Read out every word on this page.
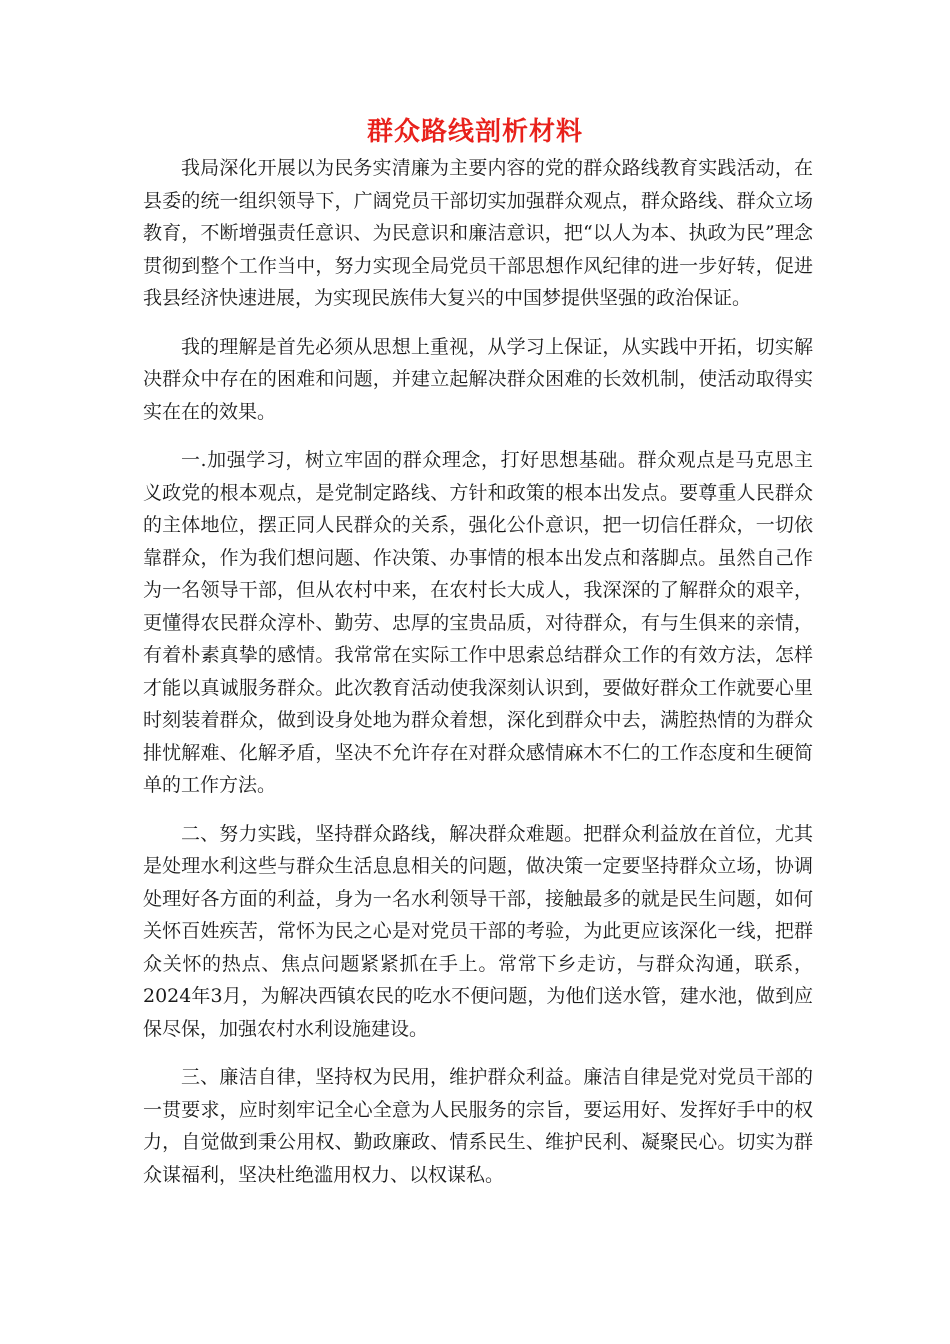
群众路线剖析材料

我局深化开展以为民务实清廉为主要内容的党的群众路线教育实践活动，在县委的统一组织领导下，广阔党员干部切实加强群众观点，群众路线、群众立场教育，不断增强责任意识、为民意识和廉洁意识，把“以人为本、执政为民”理念贯彻到整个工作当中，努力实现全局党员干部思想作风纪律的进一步好转，促进我县经济快速进展，为实现民族伟大复兴的中国梦提供坚强的政治保证。

我的理解是首先必须从思想上重视，从学习上保证，从实践中开拓，切实解决群众中存在的困难和问题，并建立起解决群众困难的长效机制，使活动取得实实在在的效果。

一.加强学习，树立牢固的群众理念，打好思想基础。群众观点是马克思主义政党的根本观点，是党制定路线、方针和政策的根本出发点。要尊重人民群众的主体地位，摆正同人民群众的关系，强化公仆意识，把一切信任群众，一切依靠群众，作为我们想问题、作决策、办事情的根本出发点和落脚点。虽然自己作为一名领导干部，但从农村中来，在农村长大成人，我深深的了解群众的艰辛，更懂得农民群众淳朴、勤劳、忠厚的宝贵品质，对待群众，有与生俱来的亲情，有着朴素真挚的感情。我常常在实际工作中思索总结群众工作的有效方法，怎样才能以真诚服务群众。此次教育活动使我深刻认识到，要做好群众工作就要心里时刻装着群众，做到设身处地为群众着想，深化到群众中去，满腔热情的为群众排忧解难、化解矛盾，坚决不允许存在对群众感情麻木不仁的工作态度和生硬简单的工作方法。

二、努力实践，坚持群众路线，解决群众难题。把群众利益放在首位，尤其是处理水利这些与群众生活息息相关的问题，做决策一定要坚持群众立场，协调处理好各方面的利益，身为一名水利领导干部，接触最多的就是民生问题，如何关怀百姓疾苦，常怀为民之心是对党员干部的考验，为此更应该深化一线，把群众关怀的热点、焦点问题紧紧抓在手上。常常下乡走访，与群众沟通，联系，2024年3月，为解决西镇农民的吃水不便问题，为他们送水管，建水池，做到应保尽保，加强农村水利设施建设。

三、廉洁自律，坚持权为民用，维护群众利益。廉洁自律是党对党员干部的一贯要求，应时刻牢记全心全意为人民服务的宗旨，要运用好、发挥好手中的权力，自觉做到秉公用权、勤政廉政、情系民生、维护民利、凝聚民心。切实为群众谋福利，坚决杜绝滥用权力、以权谋私。
